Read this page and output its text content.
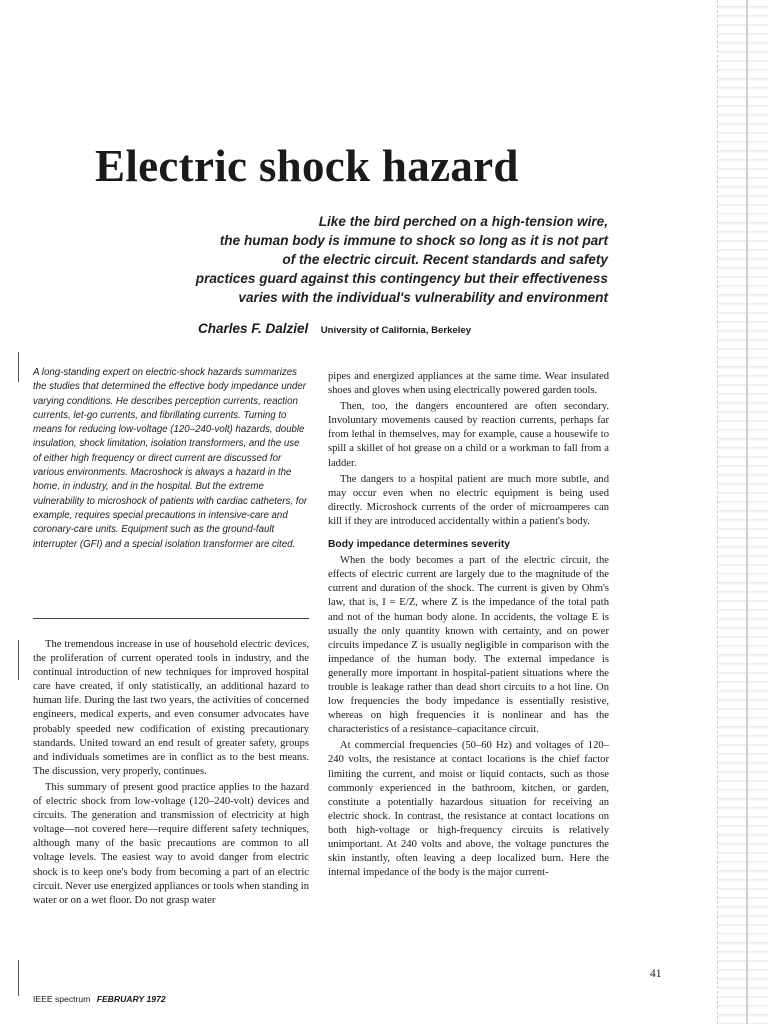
Electric shock hazard
Like the bird perched on a high-tension wire,
the human body is immune to shock so long as it is not part
of the electric circuit. Recent standards and safety
practices guard against this contingency but their effectiveness
varies with the individual's vulnerability and environment
Charles F. Dalziel University of California, Berkeley
A long-standing expert on electric-shock hazards summarizes the studies that determined the effective body impedance under varying conditions. He describes perception currents, reaction currents, let-go currents, and fibrillating currents. Turning to means for reducing low-voltage (120–240-volt) hazards, double insulation, shock limitation, isolation transformers, and the use of either high frequency or direct current are discussed for various environments. Macroshock is always a hazard in the home, in industry, and in the hospital. But the extreme vulnerability to microshock of patients with cardiac catheters, for example, requires special precautions in intensive-care and coronary-care units. Equipment such as the ground-fault interrupter (GFI) and a special isolation transformer are cited.

The tremendous increase in use of household electric devices, the proliferation of current operated tools in industry, and the continual introduction of new techniques for improved hospital care have created, if only statistically, an additional hazard to human life. During the last two years, the activities of concerned engineers, medical experts, and even consumer advocates have probably speeded new codification of existing precautionary standards. United toward an end result of greater safety, groups and individuals sometimes are in conflict as to the best means. The discussion, very properly, continues.

This summary of present good practice applies to the hazard of electric shock from low-voltage (120–240-volt) devices and circuits. The generation and transmission of electricity at high voltage—not covered here—require different safety techniques, although many of the basic precautions are common to all voltage levels. The easiest way to avoid danger from electric shock is to keep one's body from becoming a part of an electric circuit. Never use energized appliances or tools when standing in water or on a wet floor. Do not grasp water

pipes and energized appliances at the same time. Wear insulated shoes and gloves when using electrically powered garden tools.

Then, too, the dangers encountered are often secondary. Involuntary movements caused by reaction currents, perhaps far from lethal in themselves, may for example, cause a housewife to spill a skillet of hot grease on a child or a workman to fall from a ladder.

The dangers to a hospital patient are much more subtle, and may occur even when no electric equipment is being used directly. Microshock currents of the order of microamperes can kill if they are introduced accidentally within a patient's body.

Body impedance determines severity

When the body becomes a part of the electric circuit, the effects of electric current are largely due to the magnitude of the current and duration of the shock. The current is given by Ohm's law, that is, I = E/Z, where Z is the impedance of the total path and not of the human body alone. In accidents, the voltage E is usually the only quantity known with certainty, and on power circuits impedance Z is usually negligible in comparison with the impedance of the human body. The external impedance is generally more important in hospital-patient situations where the trouble is leakage rather than dead short circuits to a hot line. On low frequencies the body impedance is essentially resistive, whereas on high frequencies it is nonlinear and has the characteristics of a resistance–capacitance circuit.

At commercial frequencies (50–60 Hz) and voltages of 120–240 volts, the resistance at contact locations is the chief factor limiting the current, and moist or liquid contacts, such as those commonly experienced in the bathroom, kitchen, or garden, constitute a potentially hazardous situation for receiving an electric shock. In contrast, the resistance at contact locations on both high-voltage or high-frequency circuits is relatively unimportant. At 240 volts and above, the voltage punctures the skin instantly, often leaving a deep localized burn. Here the internal impedance of the body is the major current-

IEEE spectrum FEBRUARY 1972
41
